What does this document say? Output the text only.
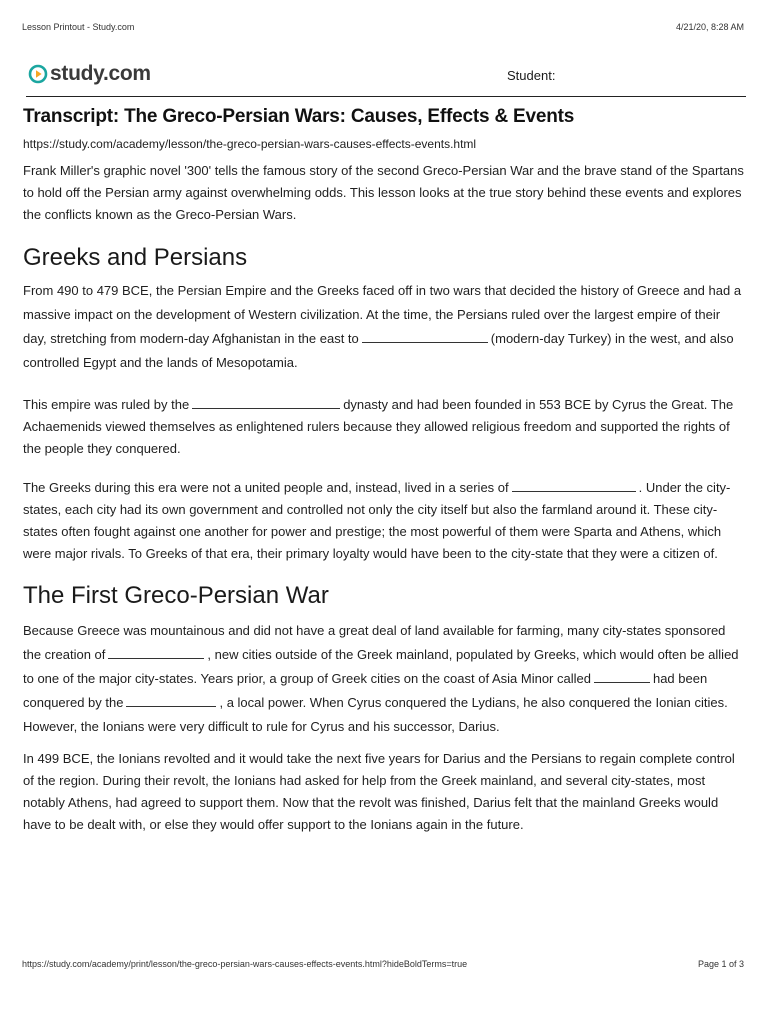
Lesson Printout - Study.com	4/21/20, 8:28 AM
study.com	Student:
Transcript: The Greco-Persian Wars: Causes, Effects & Events
https://study.com/academy/lesson/the-greco-persian-wars-causes-effects-events.html

Frank Miller's graphic novel '300' tells the famous story of the second Greco-Persian War and the brave stand of the Spartans to hold off the Persian army against overwhelming odds. This lesson looks at the true story behind these events and explores the conflicts known as the Greco-Persian Wars.

Greeks and Persians

From 490 to 479 BCE, the Persian Empire and the Greeks faced off in two wars that decided the history of Greece and had a massive impact on the development of Western civilization. At the time, the Persians ruled over the largest empire of their day, stretching from modern-day Afghanistan in the east to	(modern-day Turkey) in the west, and also controlled Egypt and the lands of Mesopotamia.

This empire was ruled by the	dynasty and had been founded in 553 BCE by Cyrus the Great. The Achaemenids viewed themselves as enlightened rulers because they allowed religious freedom and supported the rights of the people they conquered.

The Greeks during this era were not a united people and, instead, lived in a series of	. Under the city-states, each city had its own government and controlled not only the city itself but also the farmland around it. These city-states often fought against one another for power and prestige; the most powerful of them were Sparta and Athens, which were major rivals. To Greeks of that era, their primary loyalty would have been to the city-state that they were a citizen of.

The First Greco-Persian War

Because Greece was mountainous and did not have a great deal of land available for farming, many city-states sponsored the creation of	, new cities outside of the Greek mainland, populated by Greeks, which would often be allied to one of the major city-states. Years prior, a group of Greek cities on the coast of Asia Minor called	had been conquered by the	, a local power. When Cyrus conquered the Lydians, he also conquered the Ionian cities. However, the Ionians were very difficult to rule for Cyrus and his successor, Darius.

In 499 BCE, the Ionians revolted and it would take the next five years for Darius and the Persians to regain complete control of the region. During their revolt, the Ionians had asked for help from the Greek mainland, and several city-states, most notably Athens, had agreed to support them. Now that the revolt was finished, Darius felt that the mainland Greeks would have to be dealt with, or else they would offer support to the Ionians again in the future.

https://study.com/academy/print/lesson/the-greco-persian-wars-causes-effects-events.html?hideBoldTerms=true	Page 1 of 3
